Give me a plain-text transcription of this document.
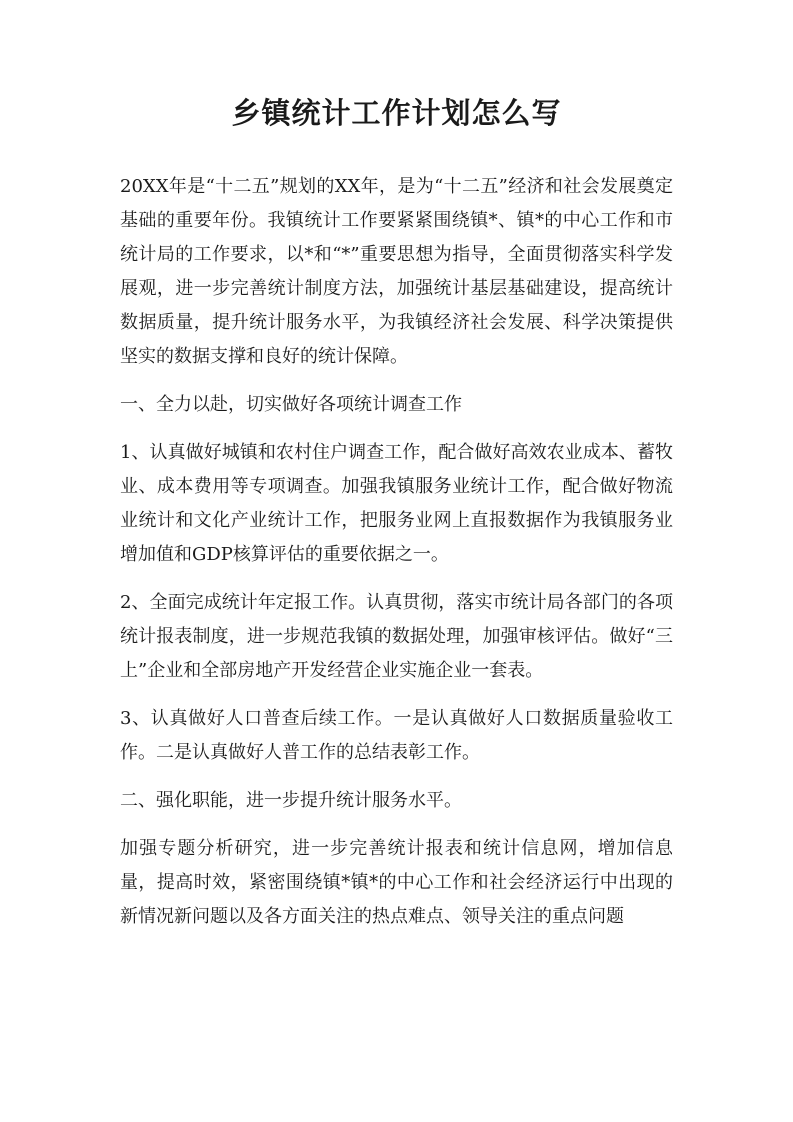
乡镇统计工作计划怎么写

20XX年是“十二五”规划的XX年，是为“十二五”经济和社会发展奠定基础的重要年份。我镇统计工作要紧紧围绕镇*、镇*的中心工作和市统计局的工作要求，以*和“*”重要思想为指导，全面贯彻落实科学发展观，进一步完善统计制度方法，加强统计基层基础建设，提高统计数据质量，提升统计服务水平，为我镇经济社会发展、科学决策提供坚实的数据支撑和良好的统计保障。

一、全力以赴，切实做好各项统计调查工作

1、认真做好城镇和农村住户调查工作，配合做好高效农业成本、蓄牧业、成本费用等专项调查。加强我镇服务业统计工作，配合做好物流业统计和文化产业统计工作，把服务业网上直报数据作为我镇服务业增加值和GDP核算评估的重要依据之一。

2、全面完成统计年定报工作。认真贯彻，落实市统计局各部门的各项统计报表制度，进一步规范我镇的数据处理，加强审核评估。做好“三上”企业和全部房地产开发经营企业实施企业一套表。

3、认真做好人口普查后续工作。一是认真做好人口数据质量验收工作。二是认真做好人普工作的总结表彰工作。

二、强化职能，进一步提升统计服务水平。

加强专题分析研究，进一步完善统计报表和统计信息网，增加信息量，提高时效，紧密围绕镇*镇*的中心工作和社会经济运行中出现的新情况新问题以及各方面关注的热点难点、领导关注的重点问题
